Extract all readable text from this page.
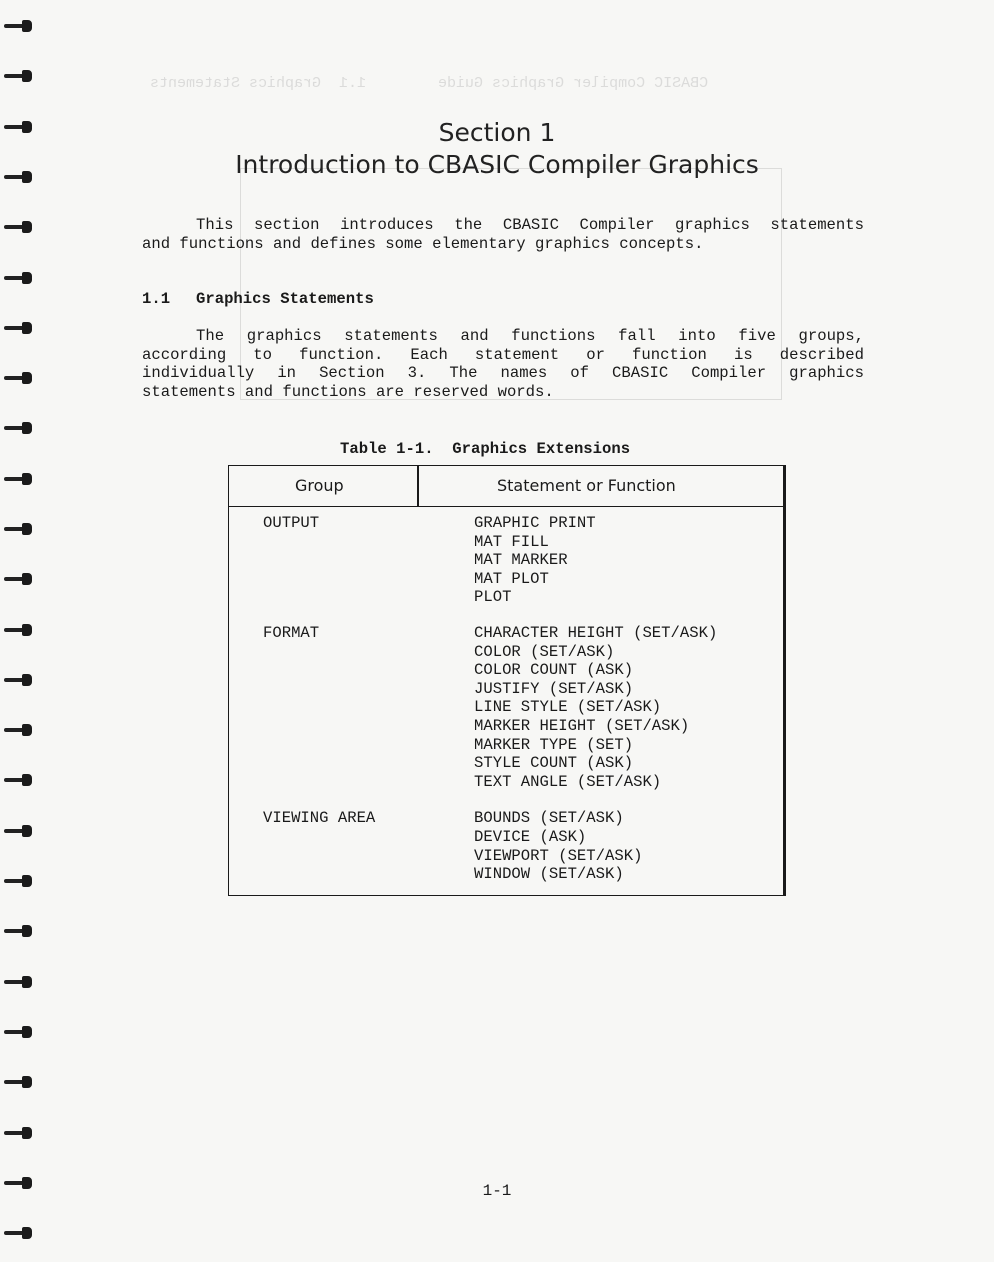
CBASIC Compiler Graphics Guide        1.1  Graphics Statements
Section 1
Introduction to CBASIC Compiler Graphics

This section introduces the CBASIC Compiler graphics statements

and functions and defines some elementary graphics concepts.

1.1 Graphics Statements

The graphics statements and functions fall into five groups,

according to function. Each statement or function is described

individually in Section 3. The names of CBASIC Compiler graphics

statements and functions are reserved words.

Table 1-1.  Graphics Extensions
Group	Statement or Function
OUTPUT	GRAPHIC PRINT
MAT FILL
MAT MARKER
MAT PLOT
PLOT
FORMAT	CHARACTER HEIGHT (SET/ASK)
COLOR (SET/ASK)
COLOR COUNT (ASK)
JUSTIFY (SET/ASK)
LINE STYLE (SET/ASK)
MARKER HEIGHT (SET/ASK)
MARKER TYPE (SET)
STYLE COUNT (ASK)
TEXT ANGLE (SET/ASK)
VIEWING AREA	BOUNDS (SET/ASK)
DEVICE (ASK)
VIEWPORT (SET/ASK)
WINDOW (SET/ASK)
1-1
